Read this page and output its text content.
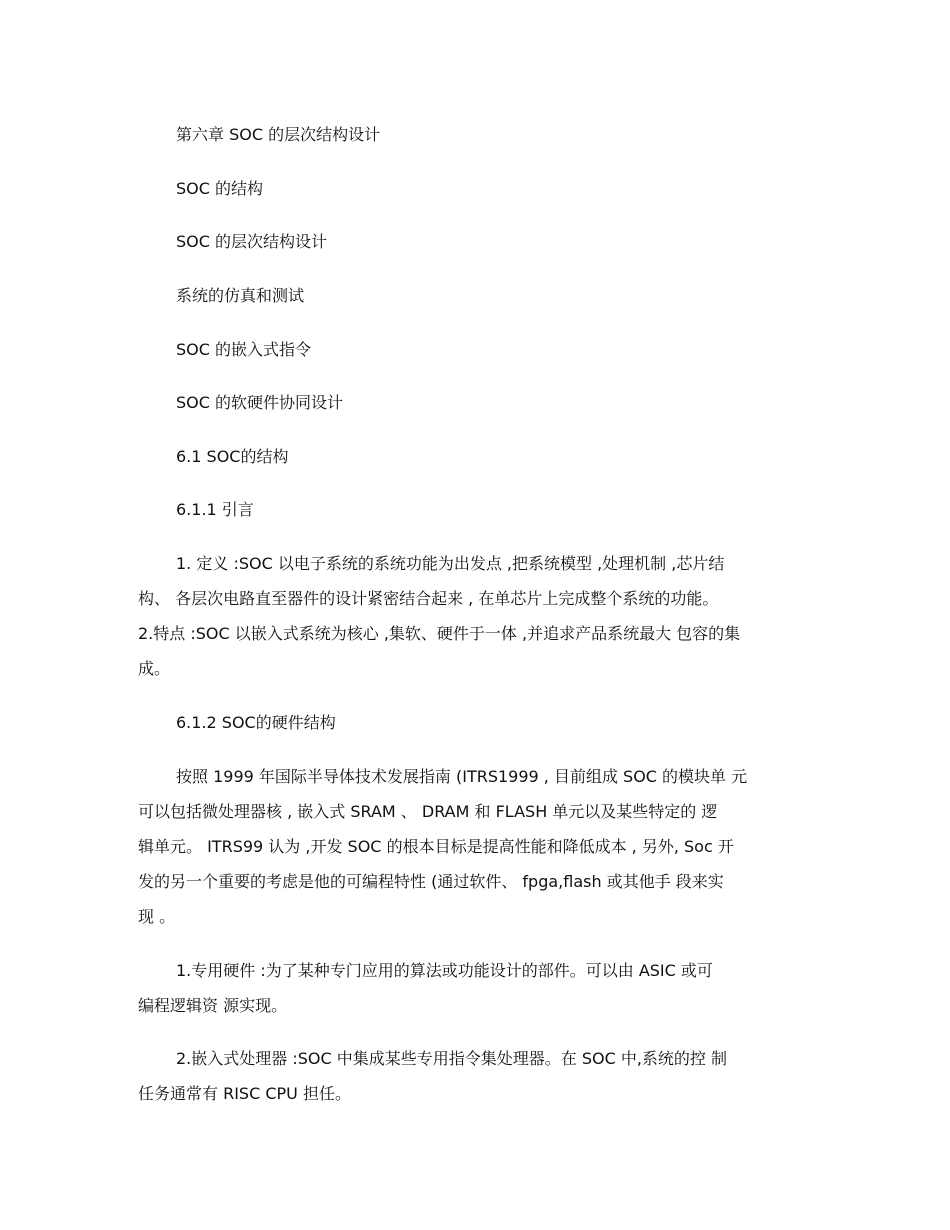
第六章 SOC 的层次结构设计
SOC 的结构
SOC 的层次结构设计
系统的仿真和测试
SOC 的嵌入式指令
SOC 的软硬件协同设计
6.1 SOC的结构
6.1.1 引言
1. 定义 :SOC 以电子系统的系统功能为出发点 ,把系统模型 ,处理机制 ,芯片结
构、 各层次电路直至器件的设计紧密结合起来 , 在单芯片上完成整个系统的功能。
2.特点 :SOC 以嵌入式系统为核心 ,集软、硬件于一体 ,并追求产品系统最大 包容的集
成。
6.1.2 SOC的硬件结构
按照 1999 年国际半导体技术发展指南 (ITRS1999 , 目前组成 SOC 的模块单 元
可以包括微处理器核 , 嵌入式 SRAM 、 DRAM 和 FLASH 单元以及某些特定的 逻
辑单元。 ITRS99 认为 ,开发 SOC 的根本目标是提高性能和降低成本 , 另外, Soc 开
发的另一个重要的考虑是他的可编程特性 (通过软件、 fpga,flash 或其他手 段来实
现 。
1.专用硬件 :为了某种专门应用的算法或功能设计的部件。可以由 ASIC 或可
编程逻辑资 源实现。
2.嵌入式处理器 :SOC 中集成某些专用指令集处理器。在 SOC 中,系统的控 制
任务通常有 RISC CPU 担任。
